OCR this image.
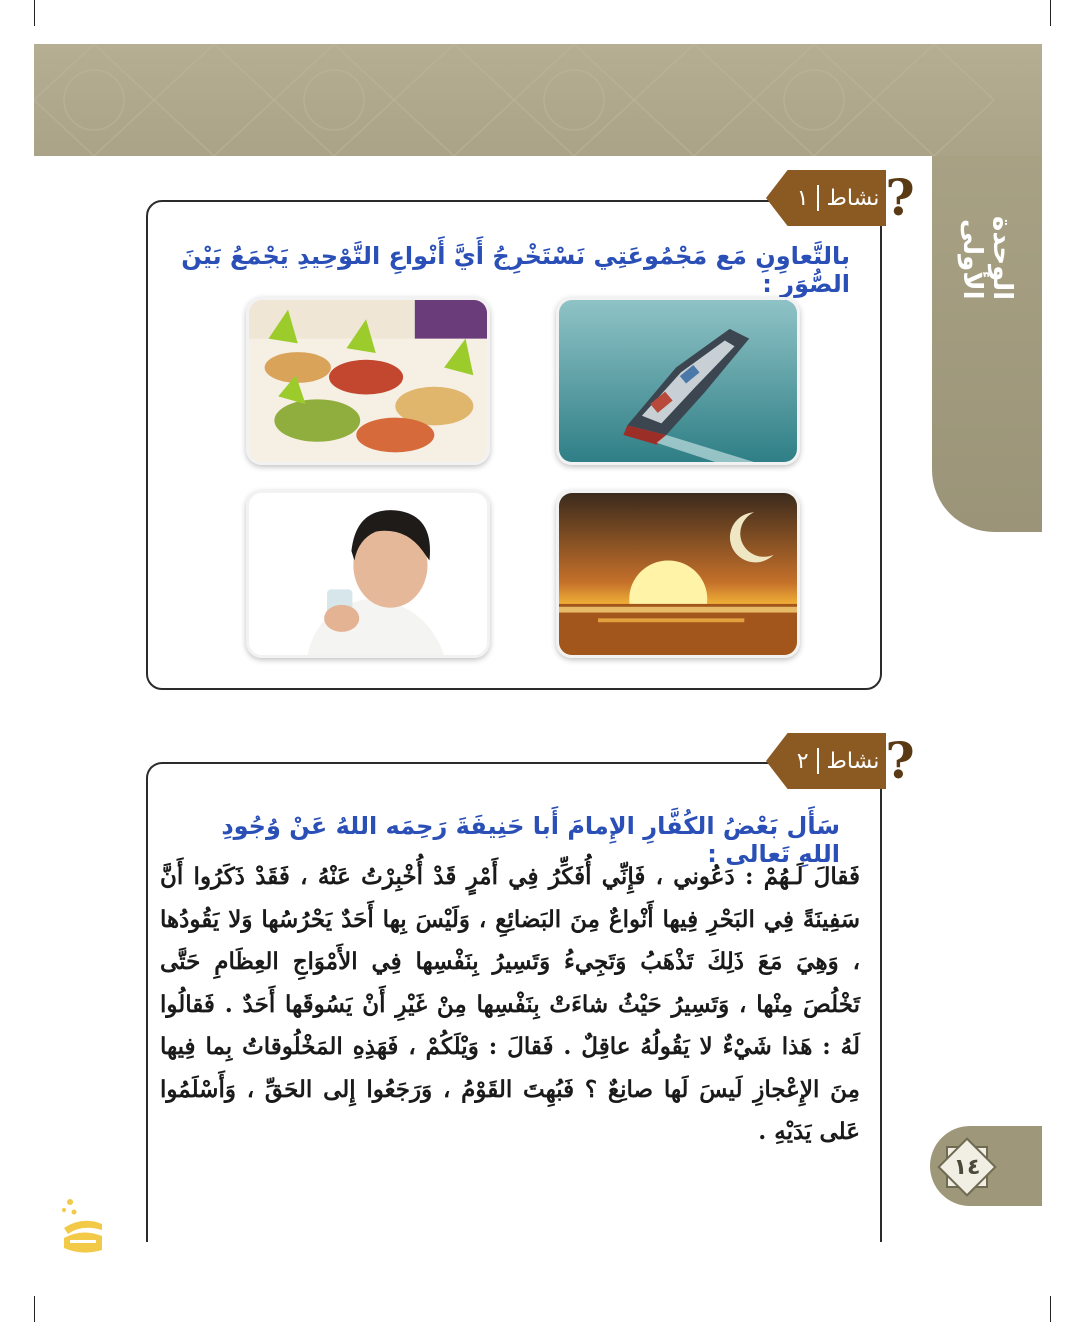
الوحدة الأولى
نشاط
١ ?
بالتَّعاوِنِ مَع مَجْمُوعَتِي نَسْتَخْرِجُ أَيَّ أَنْواعِ التَّوْحِيدِ يَجْمَعُ بَيْنَ الصُّوَرِ :
نشاط
٢ ?
سَأَل بَعْضُ الكُفَّارِ الإِمامَ أَبا حَنِيفَةَ رَحِمَه اللهُ عَنْ وُجُودِ اللهِ تَعالى :
فَقالَ لَـهُمْ : دَعُوني ، فَإِنِّي أُفَكِّرُ فِي أَمْرٍ قَدْ أُخْبِرْتُ عَنْهُ ، فَقَدْ ذَكَرُوا أَنَّ سَفِينَةً فِي البَحْرِ فِيها أَنْواعٌ مِنَ البَضائِعِ ، وَلَيْسَ بِها أَحَدٌ يَحْرُسُها وَلا يَقُودُها ، وَهِيَ مَعَ ذَلِكَ تَذْهَبُ وَتَجِيءُ وَتَسِيرُ بِنَفْسِها فِي الأَمْوَاجِ العِظَامِ حَتَّى تَخْلُصَ مِنْها ، وَتَسِيرُ حَيْثُ شاءَتْ بِنَفْسِها مِنْ غَيْرِ أَنْ يَسُوقَها أَحَدٌ . فَقالُوا لَهُ : هَذا شَيْءٌ لا يَقُولُهُ عاقِلٌ . فَقالَ : وَيْلَكُمْ ، فَهَذِهِ المَخْلُوقاتُ بِما فِيها مِنَ الإِعْجازِ لَيسَ لَها صانِعٌ ؟ فَبُهِتَ القَوْمُ ، وَرَجَعُوا إِلى الحَقِّ ، وَأَسْلَمُوا عَلى يَدَيْهِ .
١٤
